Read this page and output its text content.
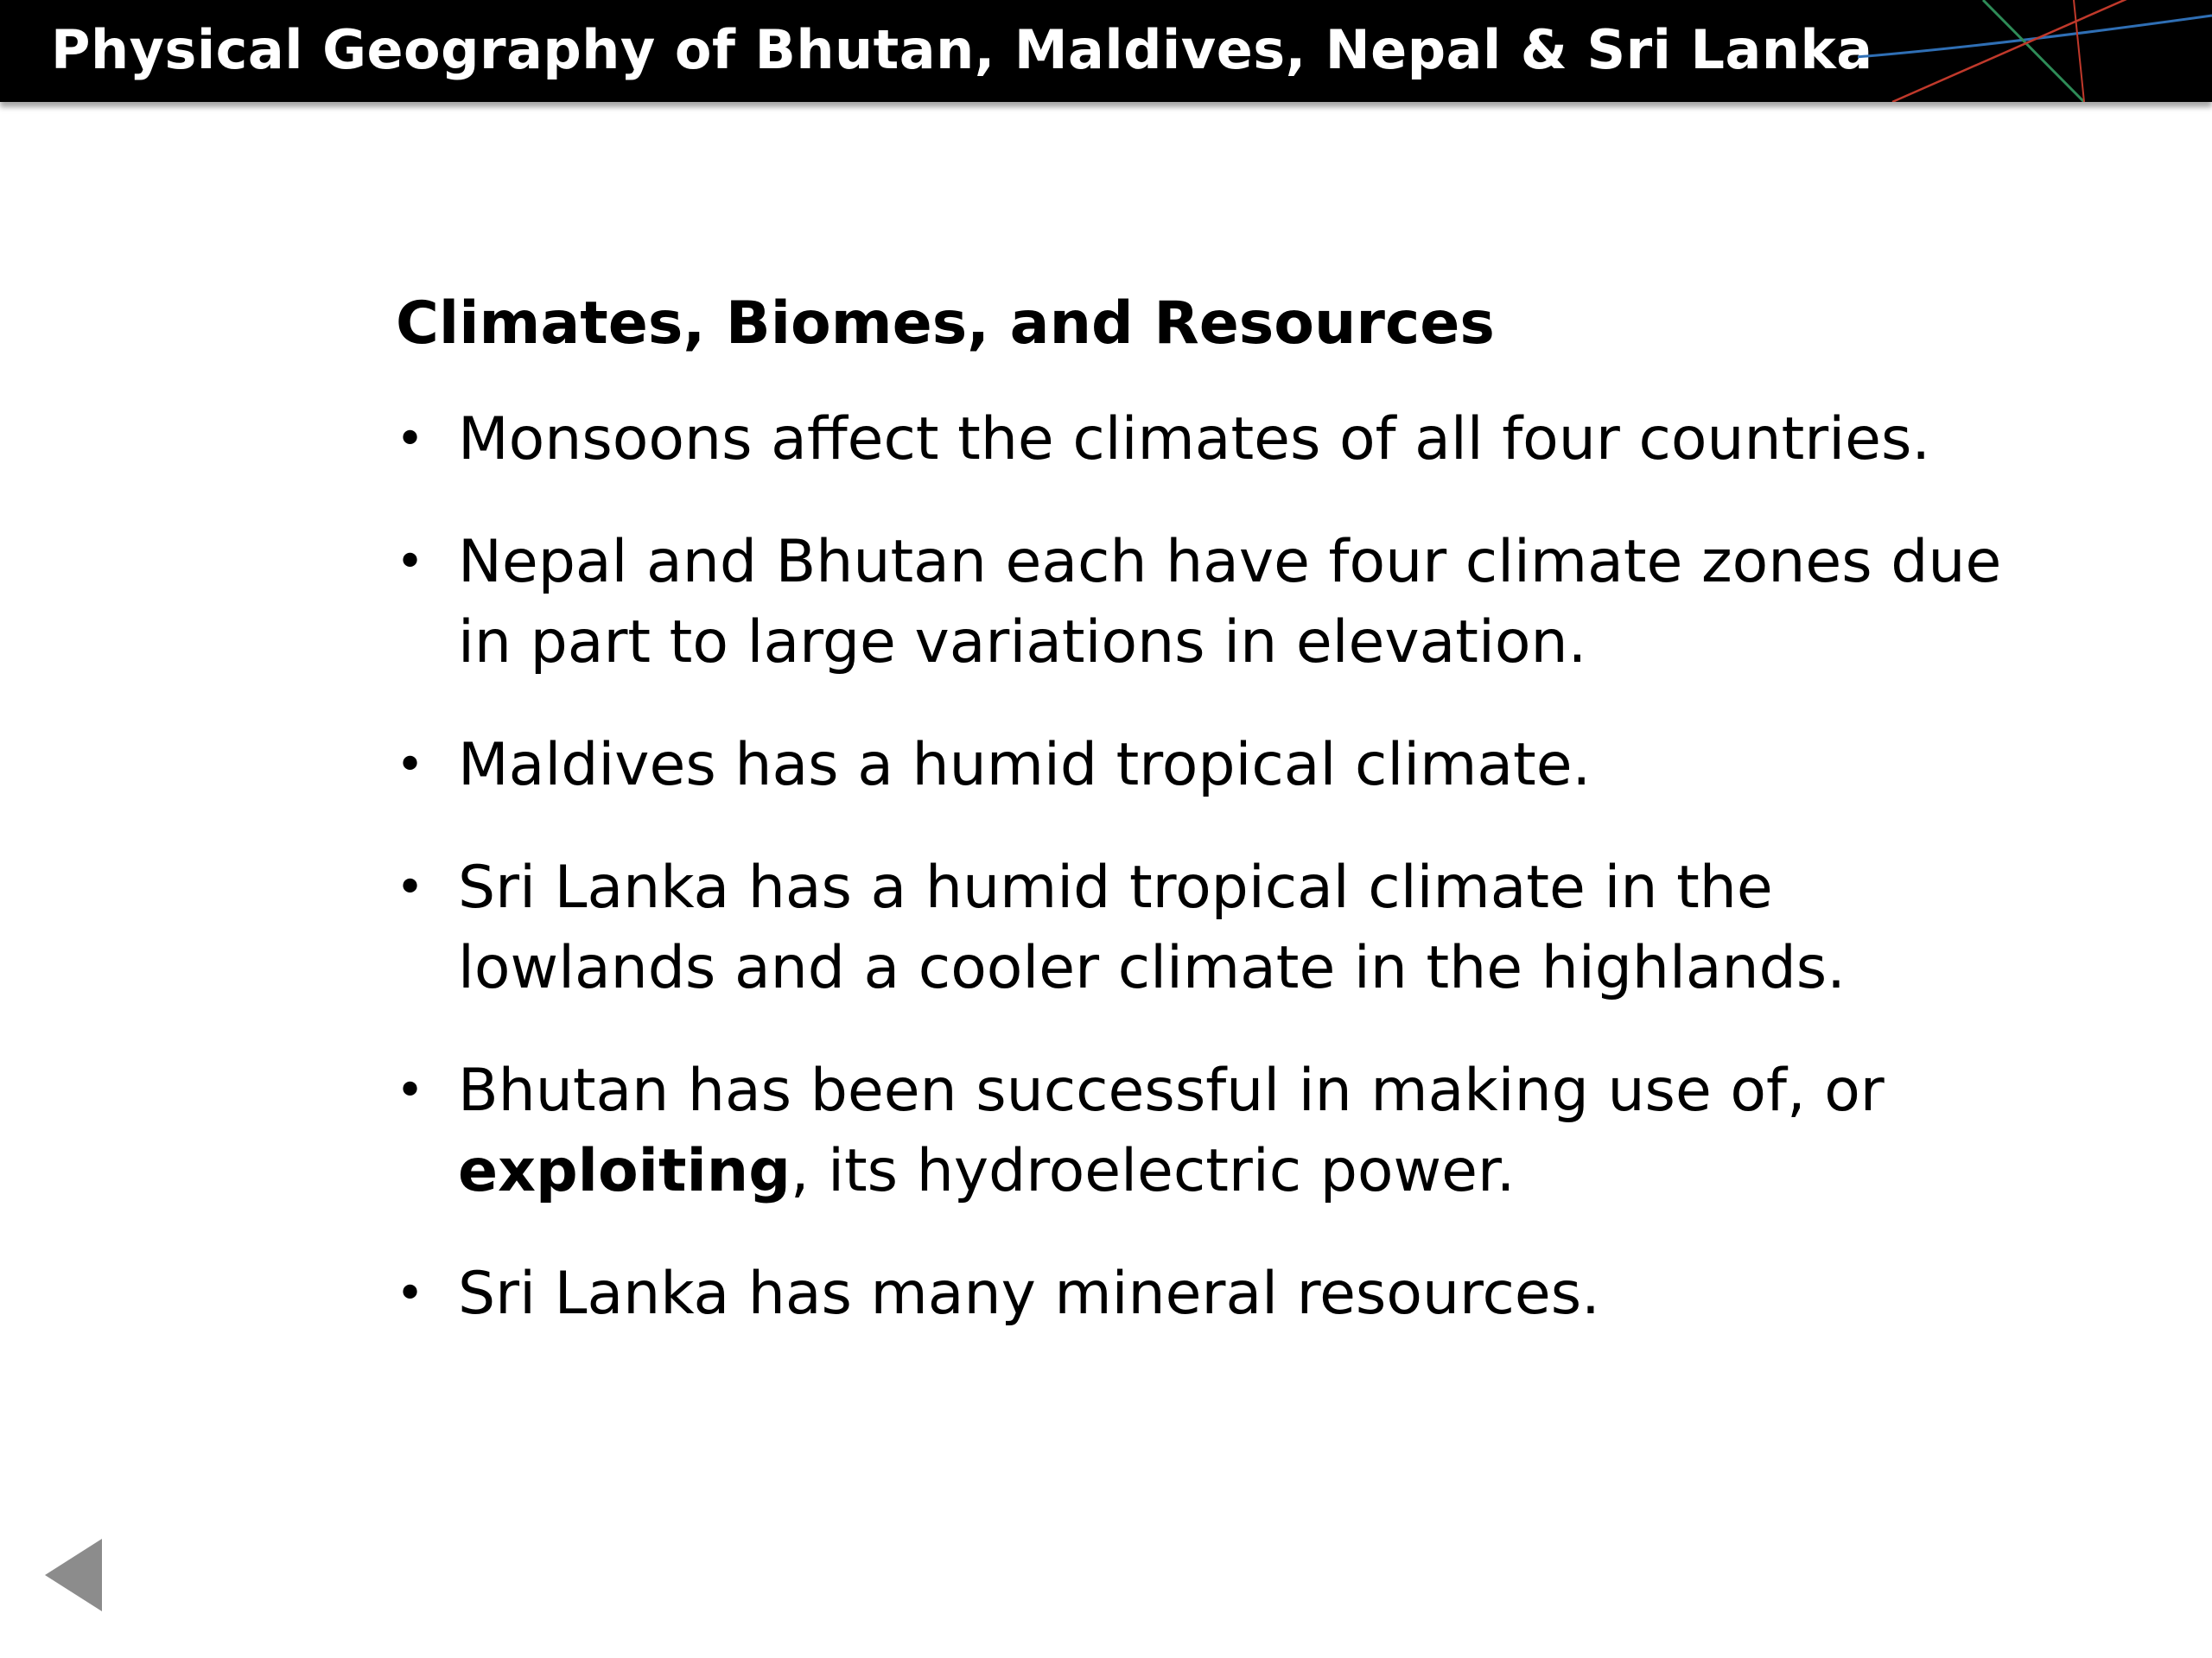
Physical Geography of Bhutan, Maldives, Nepal & Sri Lanka
Climates, Biomes, and Resources
• Monsoons affect the climates of all four countries.
• Nepal and Bhutan each have four climate zones due in part to large variations in elevation.
• Maldives has a humid tropical climate.
• Sri Lanka has a humid tropical climate in the lowlands and a cooler climate in the highlands.
• Bhutan has been successful in making use of, or exploiting, its hydroelectric power.
• Sri Lanka has many mineral resources.
